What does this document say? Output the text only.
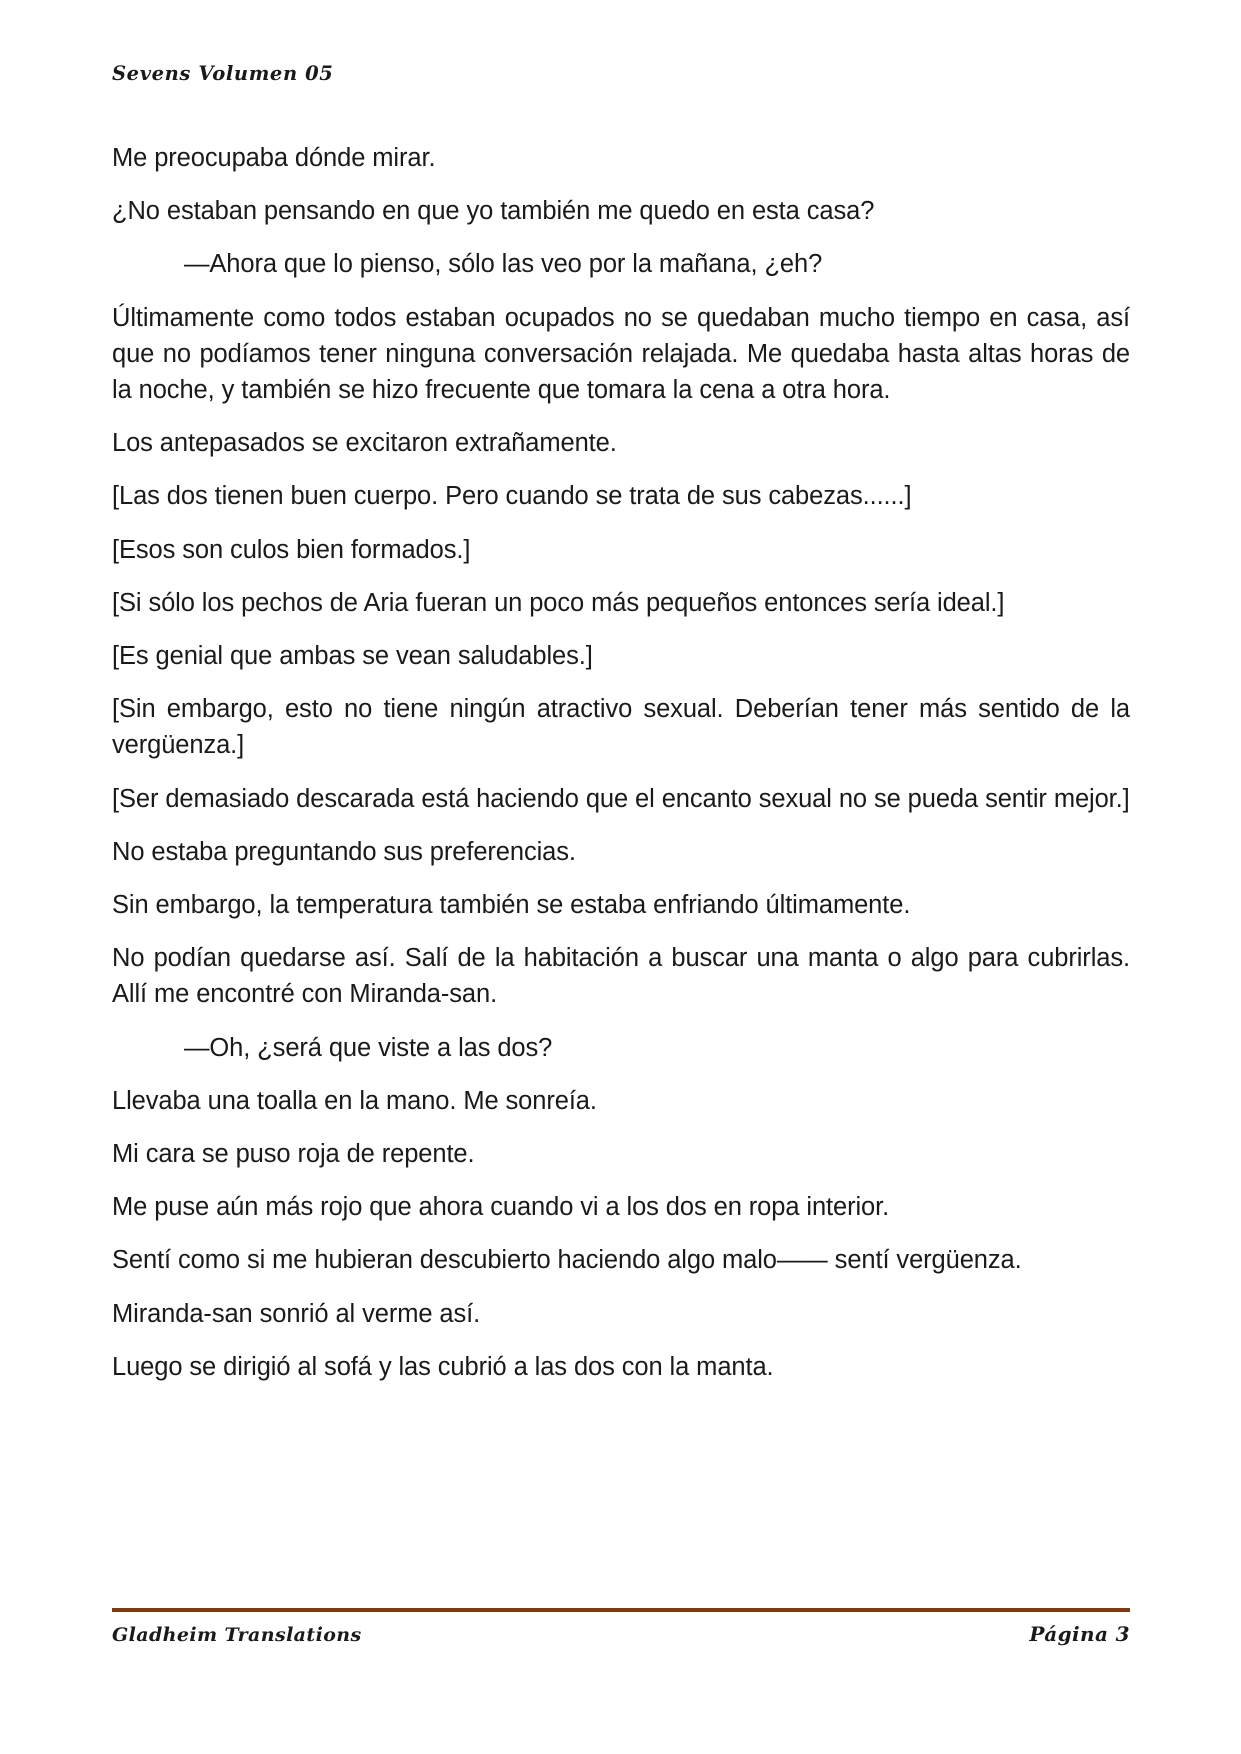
Sevens Volumen 05

Me preocupaba dónde mirar.

¿No estaban pensando en que yo también me quedo en esta casa?

—Ahora que lo pienso, sólo las veo por la mañana, ¿eh?

Últimamente como todos estaban ocupados no se quedaban mucho tiempo en casa, así que no podíamos tener ninguna conversación relajada. Me quedaba hasta altas horas de la noche, y también se hizo frecuente que tomara la cena a otra hora.

Los antepasados se excitaron extrañamente.

[Las dos tienen buen cuerpo. Pero cuando se trata de sus cabezas......]

[Esos son culos bien formados.]

[Si sólo los pechos de Aria fueran un poco más pequeños entonces sería ideal.]

[Es genial que ambas se vean saludables.]

[Sin embargo, esto no tiene ningún atractivo sexual. Deberían tener más sentido de la vergüenza.]

[Ser demasiado descarada está haciendo que el encanto sexual no se pueda sentir mejor.]

No estaba preguntando sus preferencias.

Sin embargo, la temperatura también se estaba enfriando últimamente.

No podían quedarse así. Salí de la habitación a buscar una manta o algo para cubrirlas. Allí me encontré con Miranda-san.

—Oh, ¿será que viste a las dos?

Llevaba una toalla en la mano. Me sonreía.

Mi cara se puso roja de repente.

Me puse aún más rojo que ahora cuando vi a los dos en ropa interior.

Sentí como si me hubieran descubierto haciendo algo malo—— sentí vergüenza.

Miranda-san sonrió al verme así.

Luego se dirigió al sofá y las cubrió a las dos con la manta.

Gladheim Translations	Página 3
